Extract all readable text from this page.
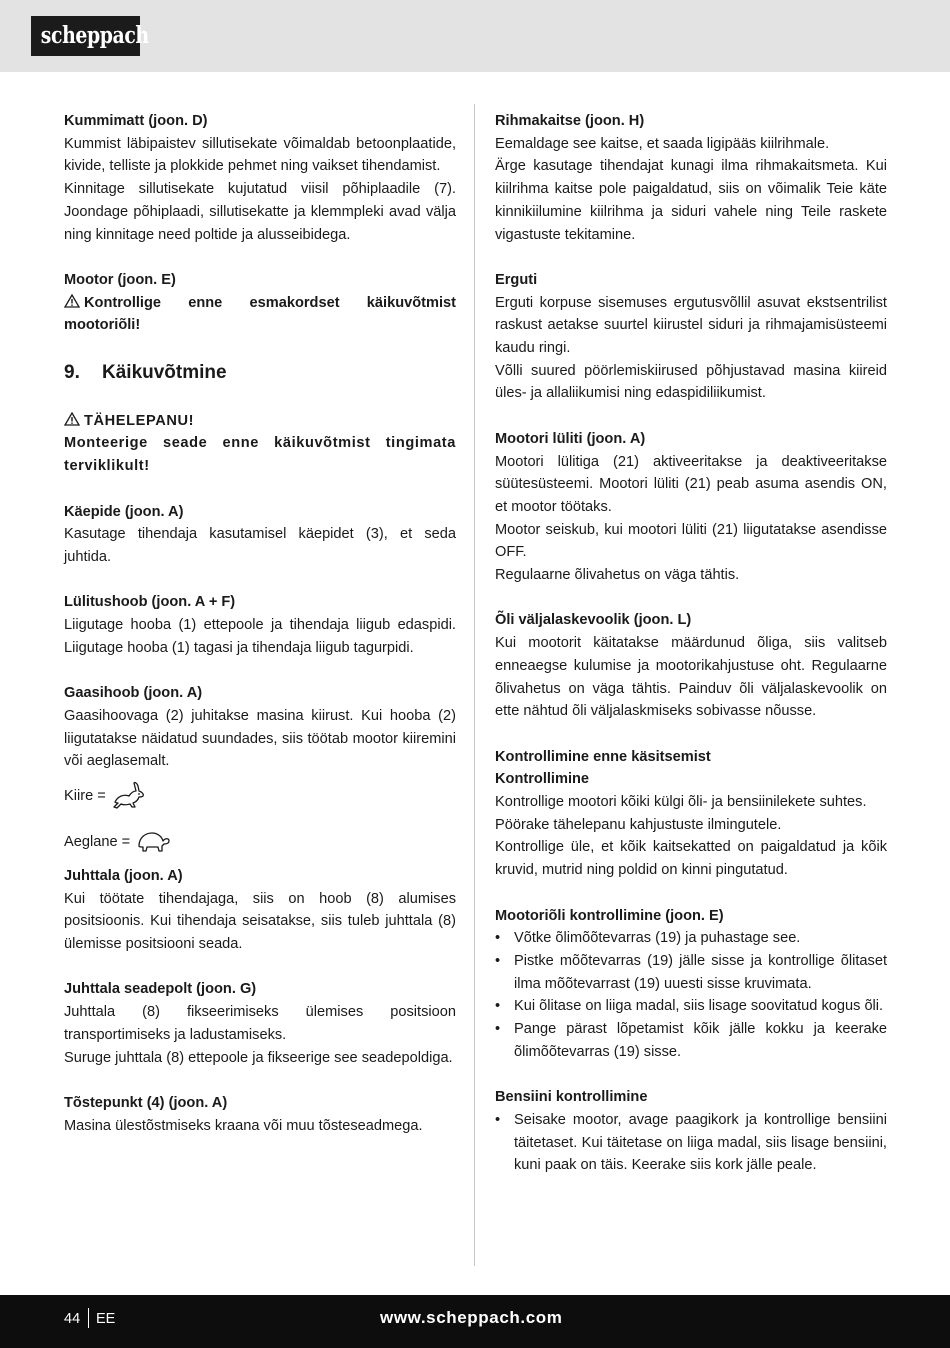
scheppach
Kummimatt (joon. D)

Kummist läbipaistev sillutisekate võimaldab betoonplaatide, kivide, telliste ja plokkide pehmet ning vaikset tihendamist.

Kinnitage sillutisekate kujutatud viisil põhiplaadile (7). Joondage põhiplaadi, sillutisekatte ja klemmpleki avad välja ning kinnitage need poltide ja alusseibidega.

Mootor (joon. E)

Kontrollige enne esmakordset käikuvõtmist mootoriõli!

9. Käikuvõtmine
TÄHELEPANU!

Monteerige seade enne käikuvõtmist tingimata terviklikult!

Käepide (joon. A)

Kasutage tihendaja kasutamisel käepidet (3), et seda juhtida.

Lülitushoob (joon. A + F)

Liigutage hooba (1) ettepoole ja tihendaja liigub edaspidi. Liigutage hooba (1) tagasi ja tihendaja liigub tagurpidi.

Gaasihoob (joon. A)

Gaasihoovaga (2) juhitakse masina kiirust. Kui hooba (2) liigutatakse näidatud suundades, siis töötab mootor kiiremini või aeglasemalt.

Kiire =
Aeglane =
Juhttala (joon. A)

Kui töötate tihendajaga, siis on hoob (8) alumises positsioonis. Kui tihendaja seisatakse, siis tuleb juhttala (8) ülemisse positsiooni seada.

Juhttala seadepolt (joon. G)

Juhttala (8) fikseerimiseks ülemises positsioon transportimiseks ja ladustamiseks.

Suruge juhttala (8) ettepoole ja fikseerige see seadepoldiga.

Tõstepunkt (4) (joon. A)

Masina ülestõstmiseks kraana või muu tõsteseadmega.

Rihmakaitse (joon. H)

Eemaldage see kaitse, et saada ligipääs kiilrihmale.

Ärge kasutage tihendajat kunagi ilma rihmakaitsmeta. Kui kiilrihma kaitse pole paigaldatud, siis on võimalik Teie käte kinnikiilumine kiilrihma ja siduri vahele ning Teile raskete vigastuste tekitamine.

Erguti

Erguti korpuse sisemuses ergutusvõllil asuvat ekstsentrilist raskust aetakse suurtel kiirustel siduri ja rihmajamisüsteemi kaudu ringi.

Võlli suured pöörlemiskiirused põhjustavad masina kiireid üles- ja allaliikumisi ning edaspidiliikumist.

Mootori lüliti (joon. A)

Mootori lülitiga (21) aktiveeritakse ja deaktiveeritakse süütesüsteemi. Mootori lüliti (21) peab asuma asendis ON, et mootor töötaks.

Mootor seiskub, kui mootori lüliti (21) liigutatakse asendisse OFF.

Regulaarne õlivahetus on väga tähtis.

Õli väljalaskevoolik (joon. L)

Kui mootorit käitatakse määrdunud õliga, siis valitseb enneaegse kulumise ja mootorikahjustuse oht. Regulaarne õlivahetus on väga tähtis. Painduv õli väljalaskevoolik on ette nähtud õli väljalaskmiseks sobivasse nõusse.

Kontrollimine enne käsitsemist
Kontrollimine

Kontrollige mootori kõiki külgi õli- ja bensiinilekete suhtes.

Pöörake tähelepanu kahjustuste ilmingutele.

Kontrollige üle, et kõik kaitsekatted on paigaldatud ja kõik kruvid, mutrid ning poldid on kinni pingutatud.

Mootoriõli kontrollimine (joon. E)
• Võtke õlimõõtevarras (19) ja puhastage see.
• Pistke mõõtevarras (19) jälle sisse ja kontrollige õlitaset ilma mõõtevarrast (19) uuesti sisse kruvimata.
• Kui õlitase on liiga madal, siis lisage soovitatud kogus õli.
• Pange pärast lõpetamist kõik jälle kokku ja keerake õlimõõtevarras (19) sisse.
Bensiini kontrollimine
• Seisake mootor, avage paagikork ja kontrollige bensiini täitetaset. Kui täitetase on liiga madal, siis lisage bensiini, kuni paak on täis. Keerake siis kork jälle peale.
44 EE	www.scheppach.com
